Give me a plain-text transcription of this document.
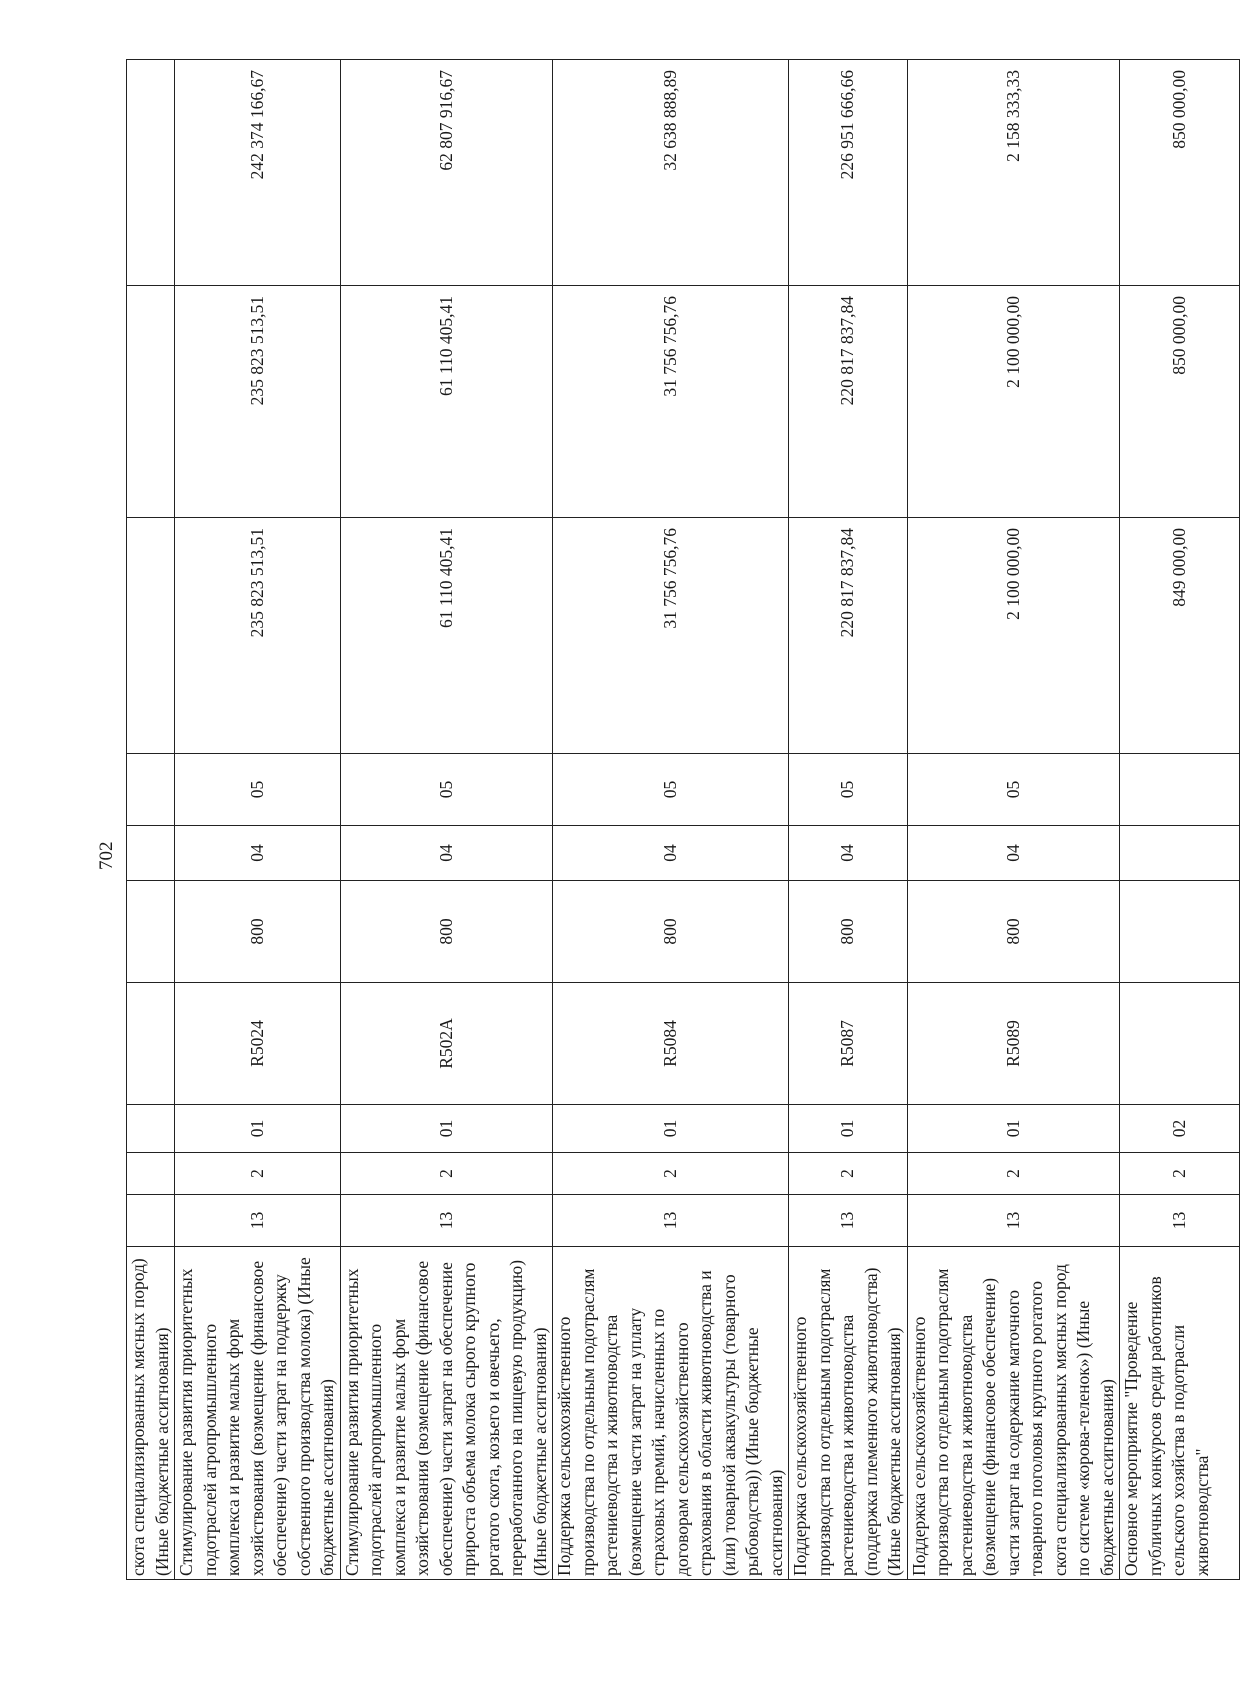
702
скота специализированных мясных пород) (Иные бюджетные ассигнования)										
Стимулирование развития приоритетных подотраслей агропромышленного комплекса и развитие малых форм хозяйствования (возмещение (финансовое обеспечение) части затрат на поддержку собственного производства молока) (Иные бюджетные ассигнования)	13	2	01	R5024	800	04	05	235 823 513,51	235 823 513,51	242 374 166,67
Стимулирование развития приоритетных подотраслей агропромышленного комплекса и развитие малых форм хозяйствования (возмещение (финансовое обеспечение) части затрат на обеспечение прироста объема молока сырого крупного рогатого скота, козьего и овечьего, переработанного на пищевую продукцию) (Иные бюджетные ассигнования)	13	2	01	R502A	800	04	05	61 110 405,41	61 110 405,41	62 807 916,67
Поддержка сельскохозяйственного производства по отдельным подотраслям растениеводства и животноводства (возмещение части затрат на уплату страховых премий, начисленных по договорам сельскохозяйственного страхования в области животноводства и (или) товарной аквакультуры (товарного рыбоводства)) (Иные бюджетные ассигнования)	13	2	01	R5084	800	04	05	31 756 756,76	31 756 756,76	32 638 888,89
Поддержка сельскохозяйственного производства по отдельным подотраслям растениеводства и животноводства (поддержка племенного животноводства) (Иные бюджетные ассигнования)	13	2	01	R5087	800	04	05	220 817 837,84	220 817 837,84	226 951 666,66
Поддержка сельскохозяйственного производства по отдельным подотраслям растениеводства и животноводства (возмещение (финансовое обеспечение) части затрат на содержание маточного товарного поголовья крупного рогатого скота специализированных мясных пород по системе «корова-теленок») (Иные бюджетные ассигнования)	13	2	01	R5089	800	04	05	2 100 000,00	2 100 000,00	2 158 333,33
Основное мероприятие "Проведение публичных конкурсов среди работников сельского хозяйства в подотрасли животноводства"	13	2	02					849 000,00	850 000,00	850 000,00
